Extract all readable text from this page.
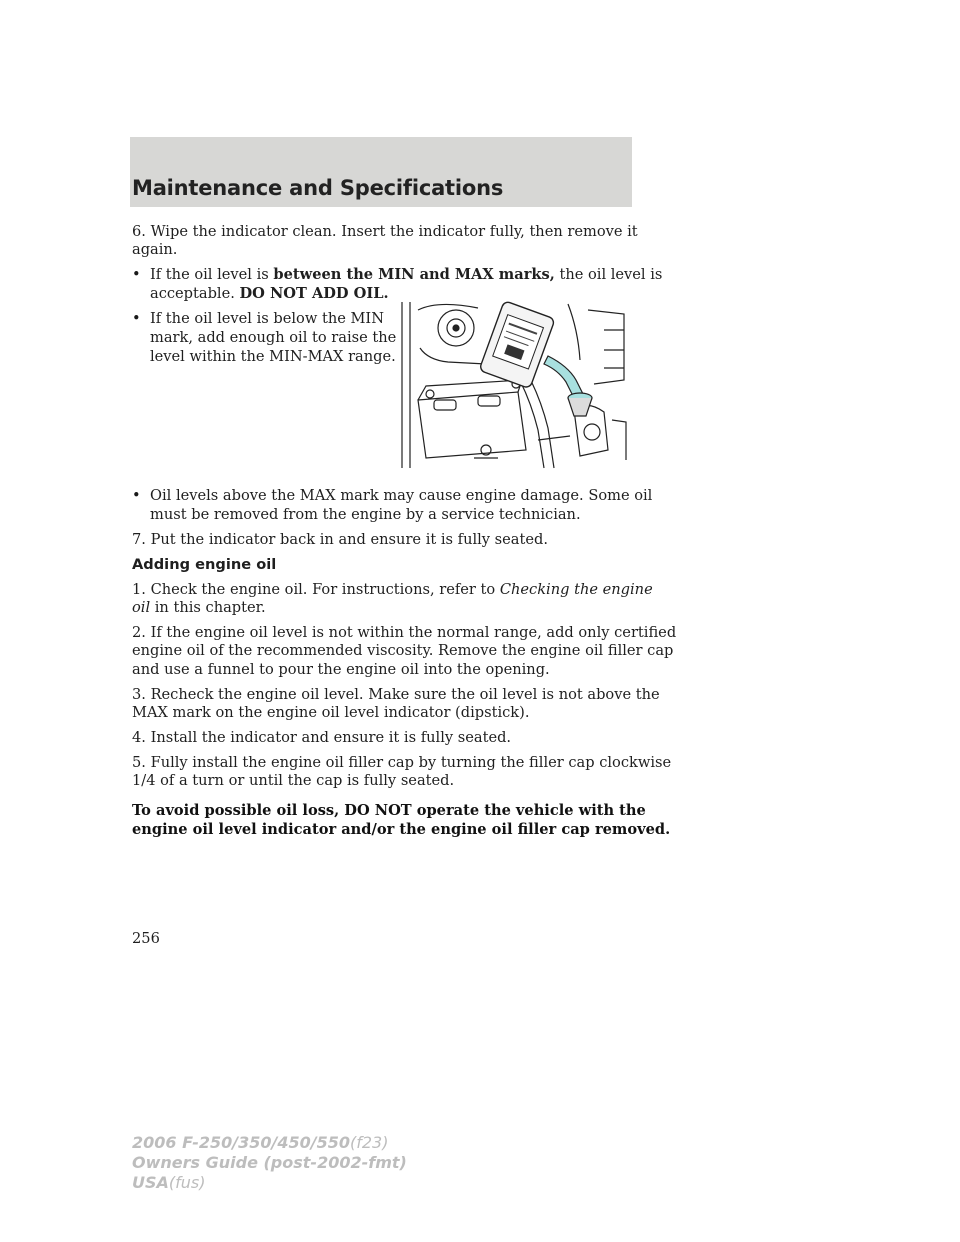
Maintenance and Specifications
6. Wipe the indicator clean. Insert the indicator fully, then remove it
again.
• If the oil level is between the MIN and MAX marks, the oil level is
acceptable. DO NOT ADD OIL.
• If the oil level is below the MIN
mark, add enough oil to raise the
level within the MIN-MAX range.
• Oil levels above the MAX mark may cause engine damage. Some oil
must be removed from the engine by a service technician.
7. Put the indicator back in and ensure it is fully seated.
Adding engine oil
1. Check the engine oil. For instructions, refer to Checking the engine
oil in this chapter.
2. If the engine oil level is not within the normal range, add only certified
engine oil of the recommended viscosity. Remove the engine oil filler cap
and use a funnel to pour the engine oil into the opening.
3. Recheck the engine oil level. Make sure the oil level is not above the
MAX mark on the engine oil level indicator (dipstick).
4. Install the indicator and ensure it is fully seated.
5. Fully install the engine oil filler cap by turning the filler cap clockwise
1/4 of a turn or until the cap is fully seated.
To avoid possible oil loss, DO NOT operate the vehicle with the
engine oil level indicator and/or the engine oil filler cap removed.
256
2006 F-250/350/450/550(f23)
Owners Guide (post-2002-fmt)
USA(fus)
